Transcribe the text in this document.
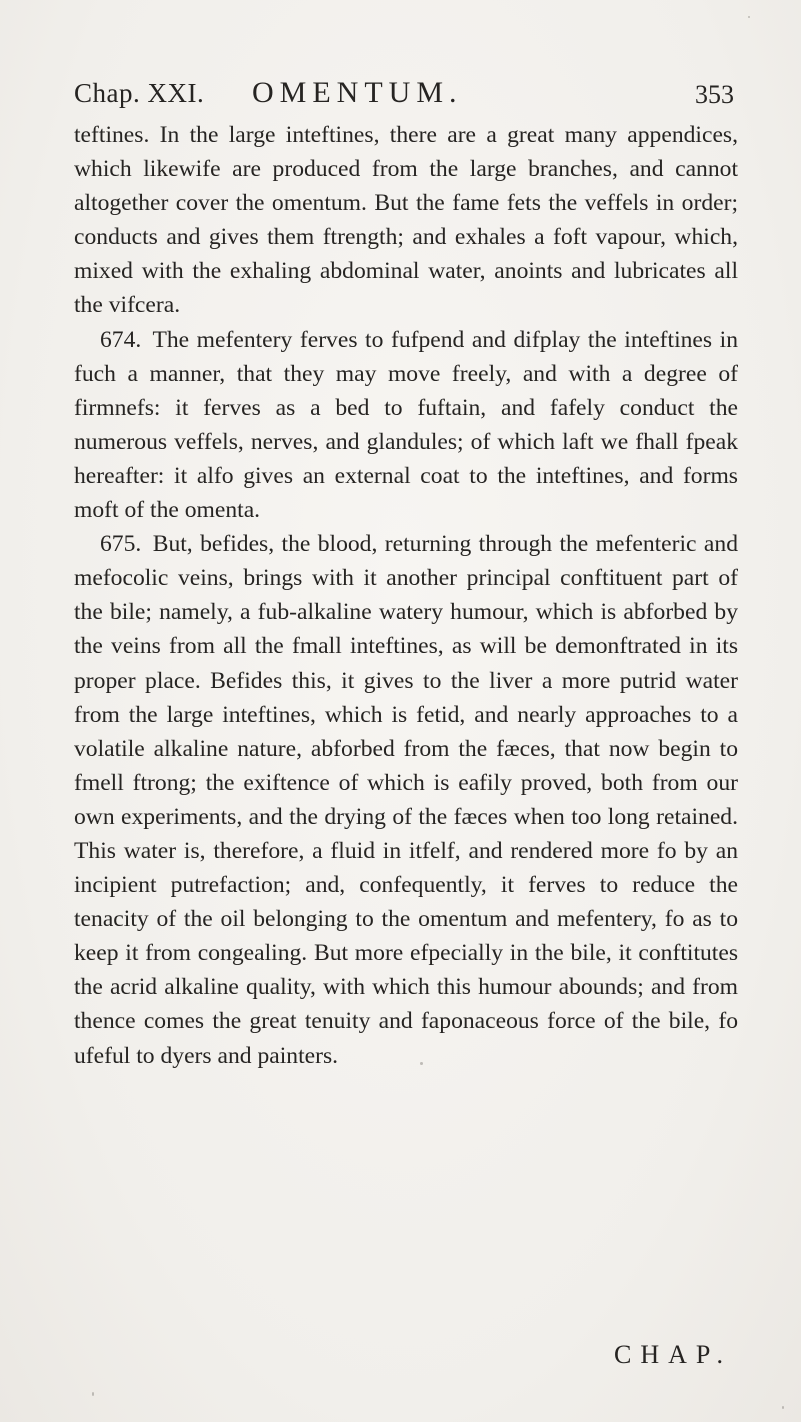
Chap. XXI. OMENTUM.	353

teftines. In the large inteftines, there are a great many appendices, which likewife are produced from the large branches, and cannot altogether cover the omentum. But the fame fets the veffels in order; conducts and gives them ftrength; and exhales a foft vapour, which, mixed with the exhaling abdominal water, anoints and lubricates all the vifcera.

674. The mefentery ferves to fufpend and difplay the inteftines in fuch a manner, that they may move freely, and with a degree of firmnefs: it ferves as a bed to fuftain, and fafely conduct the numerous veffels, nerves, and glandules; of which laft we fhall fpeak hereafter: it alfo gives an external coat to the inteftines, and forms moft of the omenta.

675. But, befides, the blood, returning through the mefenteric and mefocolic veins, brings with it another principal conftituent part of the bile; namely, a fub-alkaline watery humour, which is abforbed by the veins from all the fmall inteftines, as will be demonftrated in its proper place. Befides this, it gives to the liver a more putrid water from the large inteftines, which is fetid, and nearly approaches to a volatile alkaline nature, abforbed from the fæces, that now begin to fmell ftrong; the exiftence of which is eafily proved, both from our own experiments, and the drying of the fæces when too long retained. This water is, therefore, a fluid in itfelf, and rendered more fo by an incipient putrefaction; and, confequently, it ferves to reduce the tenacity of the oil belonging to the omentum and mefentery, fo as to keep it from congealing. But more efpecially in the bile, it conftitutes the acrid alkaline quality, with which this humour abounds; and from thence comes the great tenuity and faponaceous force of the bile, fo ufeful to dyers and painters.

CHAP.
